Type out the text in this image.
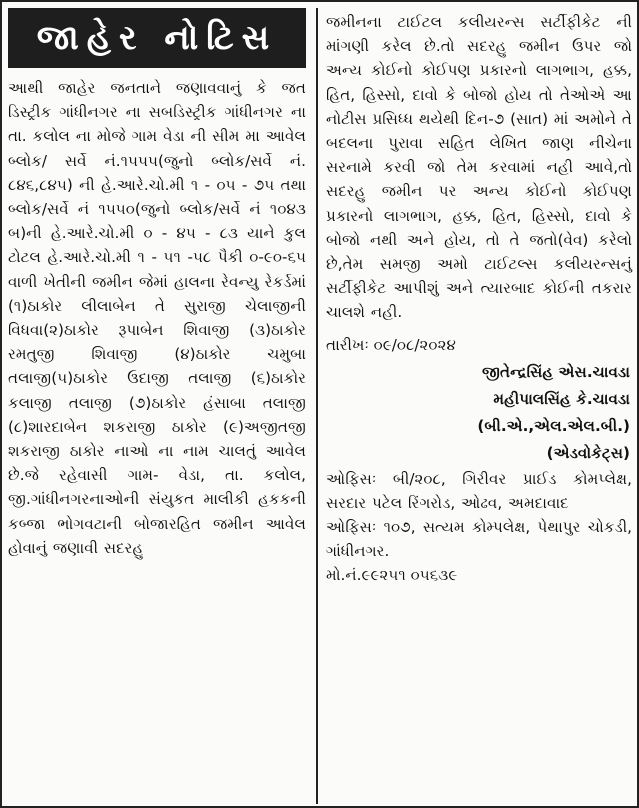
જાહેર નોટિસ
આથી જાહેર જનતાને જણાવવાનું કે જત ડિસ્ટ્રીક ગાંધીનગર ના સબડિસ્ટ્રીક ગાંધીનગર ના તા. કલોલ ના મોજે ગામ વેડા ની સીમ મા આવેલ બ્લોક/ સર્વે નં.૧૫૫૫(જુનો બ્લોક/સર્વે નં. ૮૪૬,૮૪૫) ની હે.આરે.ચો.મી ૧ - ૦૫ - ૭૫ તથા બ્લોક/સર્વે નં ૧૫૫૦(જુનો બ્લોક/સર્વે નં ૧૦૪૩ બ)ની હે.આરે.ચો.મી ૦ - ૪૫ - ૮૩ યાને કુલ ટોટલ હે.આરે.ચો.મી ૧ - ૫૧ -૫૮ પૈકી ૦-૯૦-૬૫ વાળી ખેતીની જમીન જેમાં હાલના રેવન્યુ રેકર્ડમાં (૧)ઠાકોર લીલાબેન તે સુરાજી ચેલાજીની વિધવા(૨)ઠાકોર રૂપાબેન શિવાજી (૩)ઠાકોર રમતુજી શિવાજી (૪)ઠાકોર ચમુબા તલાજી(૫)ઠાકોર ઉદાજી તલાજી (૬)ઠાકોર કલાજી તલાજી (૭)ઠાકોર હંસાબા તલાજી (૮)શારદાબેન શકરાજી ઠાકોર (૯)અજીતજી શકરાજી ઠાકોર નાઓ ના નામ ચાલતું આવેલ છે.જે રહેવાસી ગામ- વેડા, તા. કલોલ, જી.ગાંધીનગરનાઓની સંયુકત માલીકી હકકની કબ્જા ભોગવટાની બોજારહિત જમીન આવેલ હોવાનું જણાવી સદરહુ
જમીનના ટાઈટલ કલીયરન્સ સર્ટીફીકેટ ની માંગણી કરેલ છે.તો સદરહુ જમીન ઉપર જો અન્ય કોઈનો કોઈપણ પ્રકારનો લાગભાગ, હક્ક, હિત, હિસ્સો, દાવો કે બોજો હોય તો તેઓએ આ નોટીસ પ્રસિધ્ધ થયેથી દિન-૭ (સાત) માં અમોને તે બદલના પુરાવા સહિત લેખિત જાણ નીચેના સરનામે કરવી જો તેમ કરવામાં નહી આવે,તો સદરહુ જમીન પર અન્ય કોઈનો કોઈપણ પ્રકારનો લાગભાગ, હક્ક, હિત, હિસ્સો, દાવો કે બોજો નથી અને હોય, તો તે જતો(વેવ) કરેલો છે,તેમ સમજી અમો ટાઈટલ્સ કલીયરન્સનું સર્ટીફીકેટ આપીશું અને ત્યારબાદ કોઈની તકરાર ચાલશે નહી.
તારીખઃ ૦૯/૦૮/૨૦૨૪
જીતેન્દ્રસિંહ એસ.ચાવડા
મહીપાલસિંહ કે.ચાવડા
(બી.એ.,એલ.એલ.બી.)
(એડવોકેટ્સ)
ઓફિસઃ બી/૨૦૮, ગિરીવર પ્રાઈડ કોમપ્લેક્ષ, સરદાર પટેલ રિંગરોડ, ઓઢવ, અમદાવાદ
ઓફિસઃ ૧૦૭, સત્યમ કોમ્પલેક્ષ, પેથાપુર ચોકડી, ગાંધીનગર.
મો.નં.૯૯૨૫૧ ૦૫૬૩૯
